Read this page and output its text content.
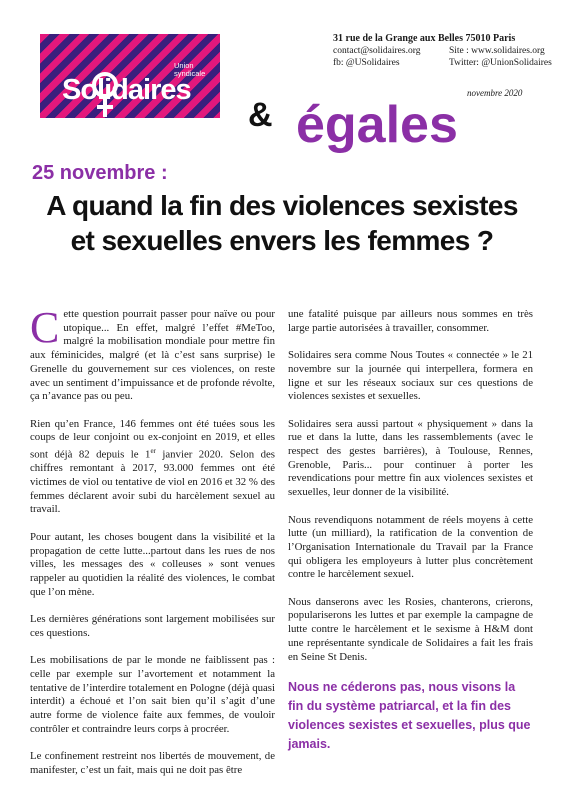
Union
syndicale
Solidaires
31 rue de la Grange aux Belles 75010 Paris
contact@solidaires.org	Site : www.solidaires.org
fb: @USolidaires	Twitter: @UnionSolidaires
novembre 2020
& égales
25 novembre :
A quand la fin des violences sexistes et sexuelles envers les femmes ?

Cette question pourrait passer pour naïve ou pour utopique... En effet, malgré l’effet #MeToo, malgré la mobilisation mondiale pour mettre fin aux féminicides, malgré (et là c’est sans surprise) le Grenelle du gouvernement sur ces violences, on reste avec un sentiment d’impuissance et de profonde révolte, ça n’avance pas ou peu.

Rien qu’en France, 146 femmes ont été tuées sous les coups de leur conjoint ou ex-conjoint en 2019, et elles sont déjà 82 depuis le 1er janvier 2020. Selon des chiffres remontant à 2017, 93.000 femmes ont été victimes de viol ou tentative de viol en 2016 et 32 % des femmes déclarent avoir subi du harcèlement sexuel au travail.

Pour autant, les choses bougent dans la visibilité et la propagation de cette lutte...partout dans les rues de nos villes, les messages des « colleuses » sont venues rappeler au quotidien la réalité des violences, le combat que l’on mène.

Les dernières générations sont largement mobilisées sur ces questions.

Les mobilisations de par le monde ne faiblissent pas : celle par exemple sur l’avortement et notamment la tentative de l’interdire totalement en Pologne (déjà quasi interdit) a échoué et l’on sait bien qu’il s’agit d’une autre forme de violence faite aux femmes, de vouloir contrôler et contraindre leurs corps à procréer.

Le confinement restreint nos libertés de mouvement, de manifester, c’est un fait, mais qui ne doit pas être

une fatalité puisque par ailleurs nous sommes en très large partie autorisées à travailler, consommer.

Solidaires sera comme Nous Toutes « connectée » le 21 novembre sur la journée qui interpellera, formera en ligne et sur les réseaux sociaux sur ces questions de violences sexistes et sexuelles.

Solidaires sera aussi partout « physiquement » dans la rue et dans la lutte, dans les rassemblements (avec le respect des gestes barrières), à Toulouse, Rennes, Grenoble, Paris... pour continuer à porter les revendications pour mettre fin aux violences sexistes et sexuelles, leur donner de la visibilité.

Nous revendiquons notamment de réels moyens à cette lutte (un milliard), la ratification de la convention de l’Organisation Internationale du Travail par la France qui obligera les employeurs à lutter plus concrètement contre le harcèlement sexuel.

Nous danserons avec les Rosies, chanterons, crierons, populariserons les luttes et par exemple la campagne de lutte contre le harcèlement et le sexisme à H&M dont une représentante syndicale de Solidaires a fait les frais en Seine St Denis.

Nous ne céderons pas, nous visons la fin du système patriarcal, et la fin des violences sexistes et sexuelles, plus que jamais.
